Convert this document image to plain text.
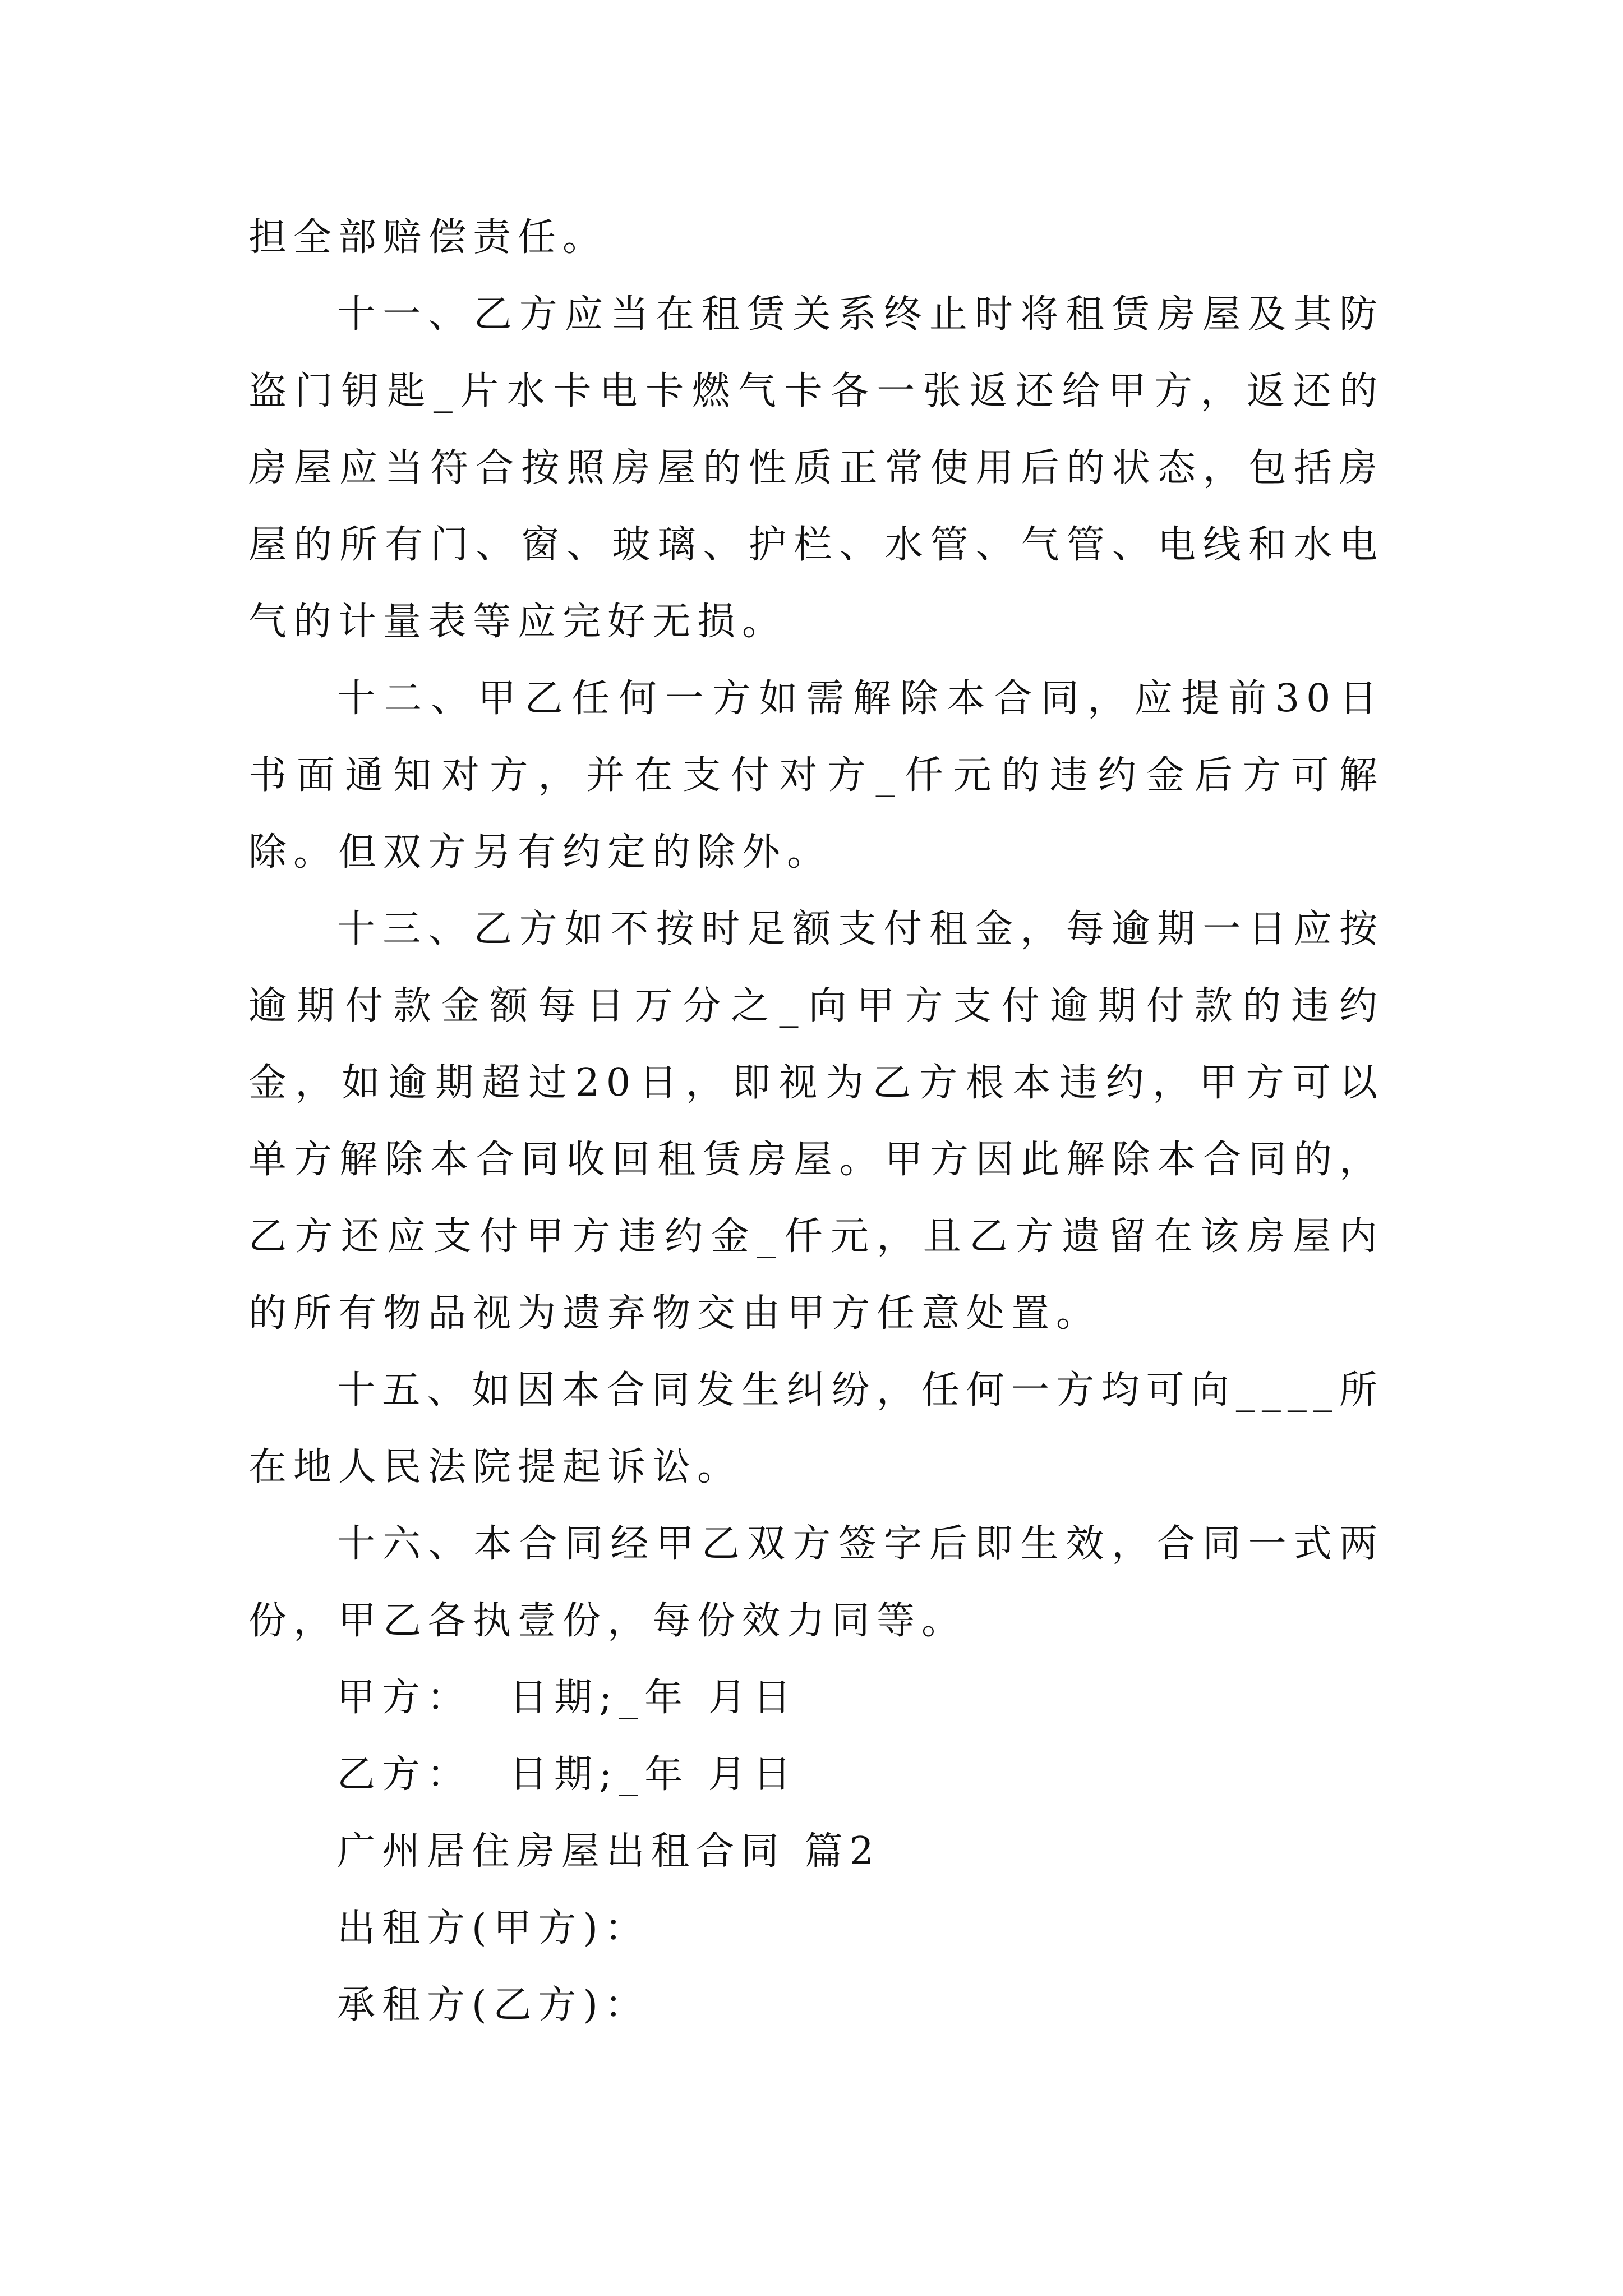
担全部赔偿责任。

十一、乙方应当在租赁关系终止时将租赁房屋及其防盗门钥匙_片水卡电卡燃气卡各一张返还给甲方，返还的房屋应当符合按照房屋的性质正常使用后的状态，包括房屋的所有门、窗、玻璃、护栏、水管、气管、电线和水电气的计量表等应完好无损。

十二、甲乙任何一方如需解除本合同，应提前30日书面通知对方，并在支付对方_仟元的违约金后方可解除。但双方另有约定的除外。

十三、乙方如不按时足额支付租金，每逾期一日应按逾期付款金额每日万分之_向甲方支付逾期付款的违约金，如逾期超过20日，即视为乙方根本违约，甲方可以单方解除本合同收回租赁房屋。甲方因此解除本合同的，乙方还应支付甲方违约金_仟元，且乙方遗留在该房屋内的所有物品视为遗弃物交由甲方任意处置。

十五、如因本合同发生纠纷，任何一方均可向____所在地人民法院提起诉讼。

十六、本合同经甲乙双方签字后即生效，合同一式两份，甲乙各执壹份，每份效力同等。

甲方：  日期;_年 月日
乙方：  日期;_年 月日
广州居住房屋出租合同 篇2
出租方(甲方)：
承租方(乙方)：
